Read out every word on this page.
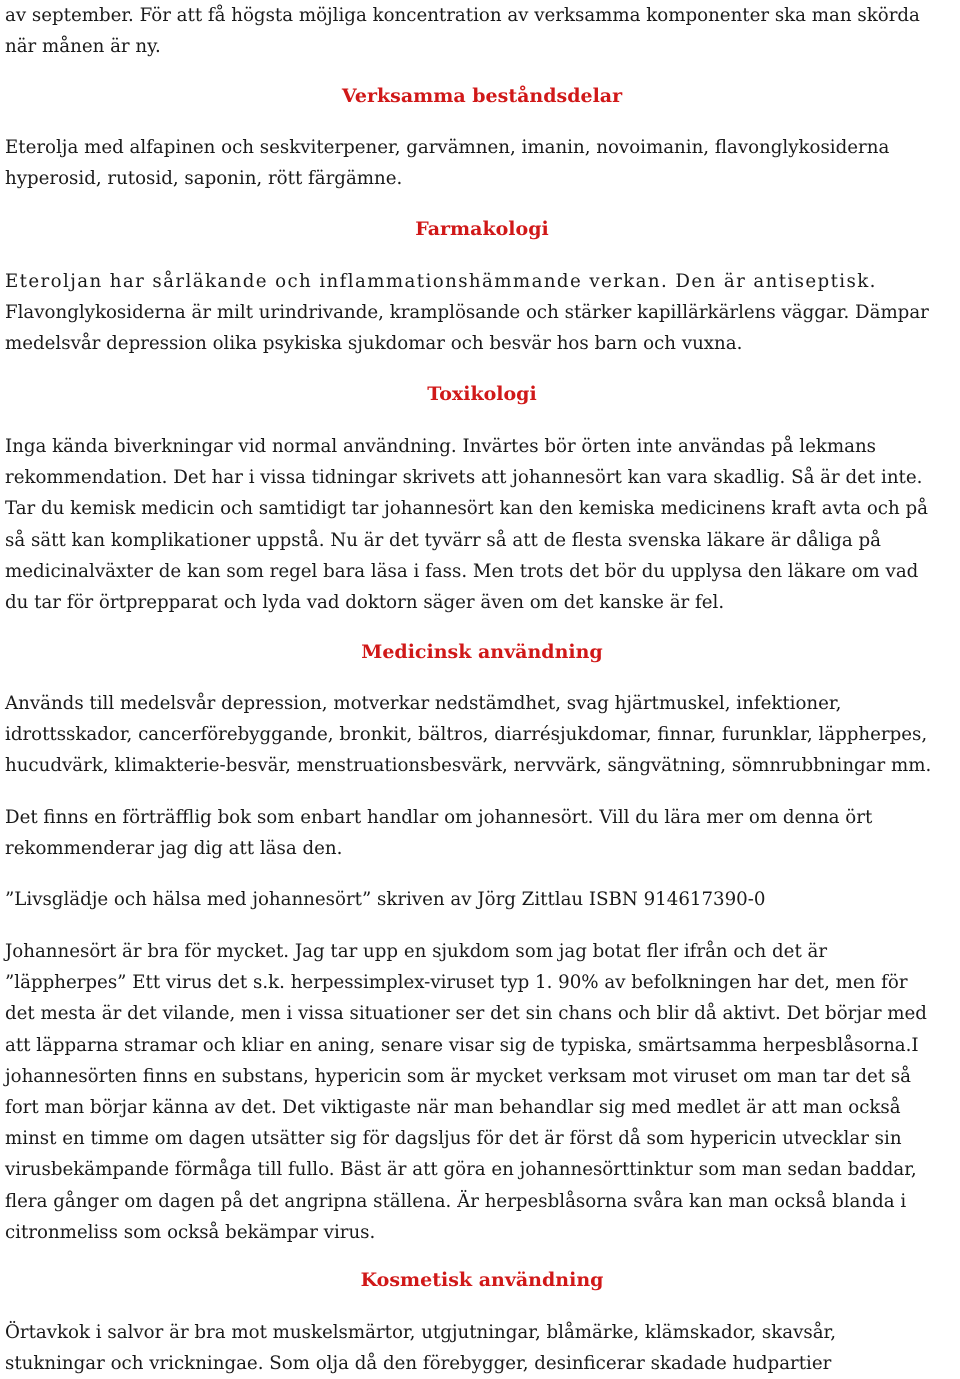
av september. För att få högsta möjliga koncentration av verksamma komponenter ska man skörda
när månen är ny.
Verksamma beståndsdelar
Eterolja med alfapinen och seskviterpener, garvämnen, imanin, novoimanin, flavonglykosiderna
hyperosid, rutosid, saponin, rött färgämne.
Farmakologi
Eteroljan har sårläkande och inflammationshämmande verkan. Den är antiseptisk.
Flavonglykosiderna är milt urindrivande, kramplösande och stärker kapillärkärlens väggar. Dämpar
medelsvår depression olika psykiska sjukdomar och besvär hos barn och vuxna.
Toxikologi
Inga kända biverkningar vid normal användning. Invärtes bör örten inte användas på lekmans
rekommendation. Det har i vissa tidningar skrivets att johannesört kan vara skadlig. Så är det inte.
Tar du kemisk medicin och samtidigt tar johannesört kan den kemiska medicinens kraft avta och på
så sätt kan komplikationer uppstå. Nu är det tyvärr så att de flesta svenska läkare är dåliga på
medicinalväxter de kan som regel bara läsa i fass. Men trots det bör du upplysa den läkare om vad
du tar för örtprepparat och lyda vad doktorn säger även om det kanske är fel.
Medicinsk användning
Används till medelsvår depression, motverkar nedstämdhet, svag hjärtmuskel, infektioner,
idrottsskador, cancerförebyggande, bronkit, bältros, diarrésjukdomar, finnar, furunklar, läppherpes,
hucudvärk, klimakterie-besvär, menstruationsbesvärk, nervvärk, sängvätning, sömnrubbningar mm.
Det finns en förträfflig bok som enbart handlar om johannesört. Vill du lära mer om denna ört
rekommenderar jag dig att läsa den.
”Livsglädje och hälsa med johannesört” skriven av Jörg Zittlau ISBN 914617390-0
Johannesört är bra för mycket. Jag tar upp en sjukdom som jag botat fler ifrån och det är
”läppherpes” Ett virus det s.k. herpessimplex-viruset typ 1. 90% av befolkningen har det, men för
det mesta är det vilande, men i vissa situationer ser det sin chans och blir då aktivt. Det börjar med
att läpparna stramar och kliar en aning, senare visar sig de typiska, smärtsamma herpesblåsorna.I
johannesörten finns en substans, hypericin som är mycket verksam mot viruset om man tar det så
fort man börjar känna av det. Det viktigaste när man behandlar sig med medlet är att man också
minst en timme om dagen utsätter sig för dagsljus för det är först då som hypericin utvecklar sin
virusbekämpande förmåga till fullo. Bäst är att göra en johannesörttinktur som man sedan baddar,
flera gånger om dagen på det angripna ställena. Är herpesblåsorna svåra kan man också blanda i
citronmeliss som också bekämpar virus.
Kosmetisk användning
Örtavkok i salvor är bra mot muskelsmärtor, utgjutningar, blåmärke, klämskador, skavsår,
stukningar och vrickningae. Som olja då den förebygger, desinficerar skadade hudpartier
